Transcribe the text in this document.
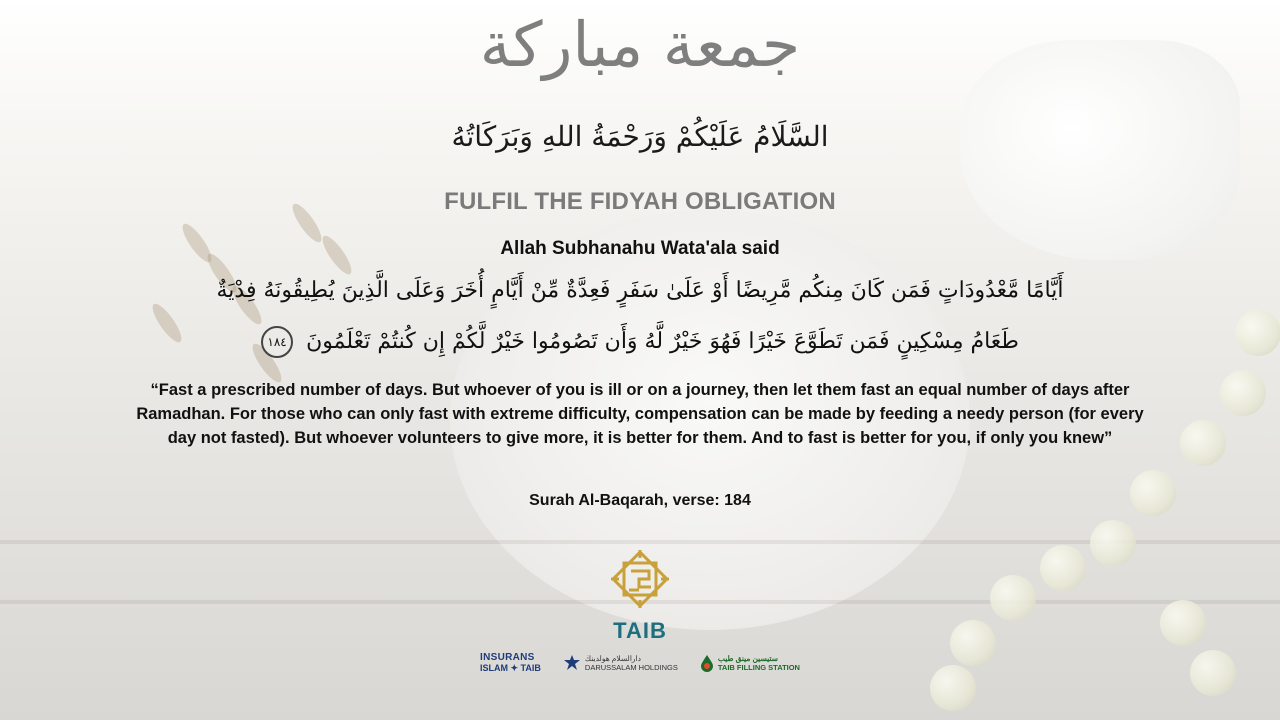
جمعة مباركة
السَّلَامُ عَلَيْكُمْ وَرَحْمَةُ اللهِ وَبَرَكَاتُهُ
FULFIL THE FIDYAH OBLIGATION
Allah Subhanahu Wata'ala said
أَيَّامًا مَّعْدُودَاتٍ فَمَن كَانَ مِنكُم مَّرِيضًا أَوْ عَلَىٰ سَفَرٍ فَعِدَّةٌ مِّنْ أَيَّامٍ أُخَرَ وَعَلَى الَّذِينَ يُطِيقُونَهُ فِدْيَةٌ
طَعَامُ مِسْكِينٍ فَمَن تَطَوَّعَ خَيْرًا فَهُوَ خَيْرٌ لَّهُ وَأَن تَصُومُوا خَيْرٌ لَّكُمْ إِن كُنتُمْ تَعْلَمُونَ ١٨٤
“Fast a prescribed number of days. But whoever of you is ill or on a journey, then let them fast an equal number of days after Ramadhan. For those who can only fast with extreme difficulty, compensation can be made by feeding a needy person (for every day not fasted). But whoever volunteers to give more, it is better for them. And to fast is better for you, if only you knew”
Surah Al-Baqarah, verse: 184
TAIB
INSURANS
ISLAM ✦ TAIB
دارالسلام هولدينڬ
DARUSSALAM HOLDINGS
ستيسين مينق طيب
TAIB FILLING STATION
